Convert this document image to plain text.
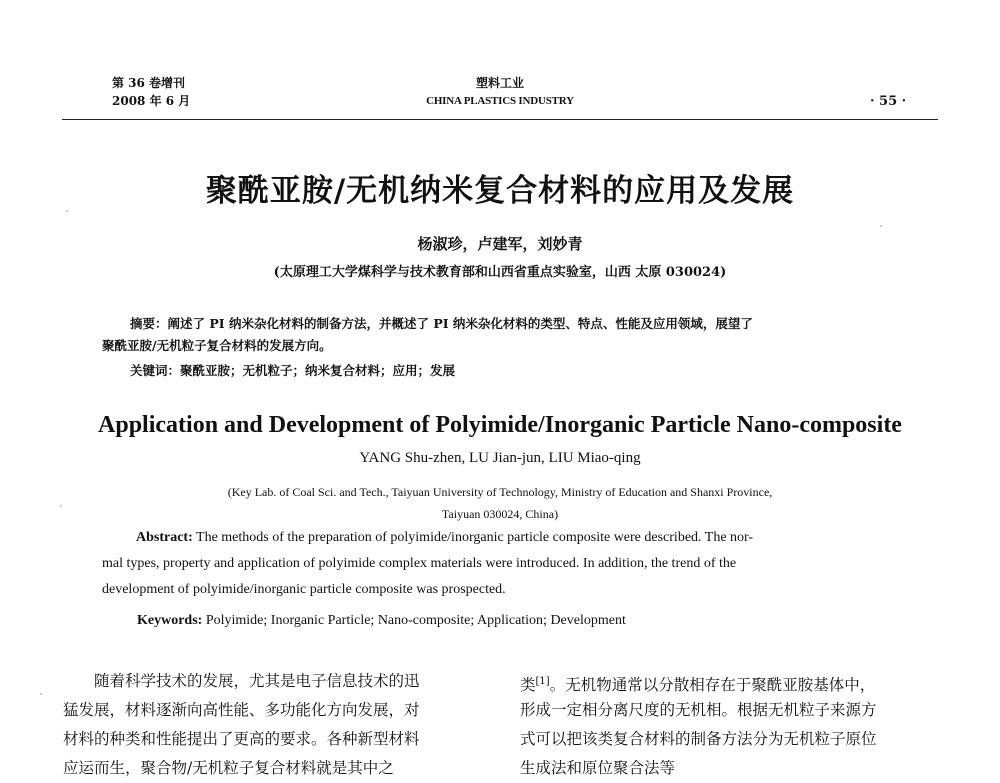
第 36 卷增刊
2008 年 6 月
塑料工业
CHINA PLASTICS INDUSTRY	· 55 ·
聚酰亚胺/无机纳米复合材料的应用及发展
杨淑珍，卢建军，刘妙青
(太原理工大学煤科学与技术教育部和山西省重点实验室，山西 太原 030024)
摘要：阐述了 PI 纳米杂化材料的制备方法，并概述了 PI 纳米杂化材料的类型、特点、性能及应用领域，展望了
聚酰亚胺/无机粒子复合材料的发展方向。
关键词：聚酰亚胺；无机粒子；纳米复合材料；应用；发展
Application and Development of Polyimide/Inorganic Particle Nano-composite
YANG Shu-zhen, LU Jian-jun, LIU Miao-qing
(Key Lab. of Coal Sci. and Tech., Taiyuan University of Technology, Ministry of Education and Shanxi Province,
Taiyuan 030024, China)
Abstract: The methods of the preparation of polyimide/inorganic particle composite were described. The nor-
mal types, property and application of polyimide complex materials were introduced. In addition, the trend of the
development of polyimide/inorganic particle composite was prospected.
Keywords: Polyimide; Inorganic Particle; Nano-composite; Application; Development
随着科学技术的发展，尤其是电子信息技术的迅
猛发展，材料逐渐向高性能、多功能化方向发展，对
材料的种类和性能提出了更高的要求。各种新型材料
应运而生，聚合物/无机粒子复合材料就是其中之
类[1]。无机物通常以分散相存在于聚酰亚胺基体中，
形成一定相分离尺度的无机相。根据无机粒子来源方
式可以把该类复合材料的制备方法分为无机粒子原位
生成法和原位聚合法等
